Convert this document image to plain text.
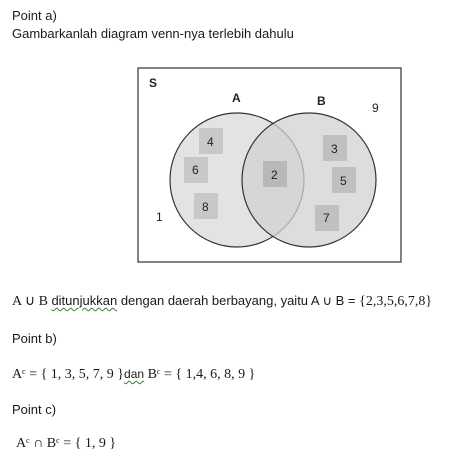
Point a)
Gambarkanlah diagram venn-nya terlebih dahulu
S
A	B
4
6
8
2
3
5
7
1
9
A ∪ B ditunjukkan dengan daerah berbayang, yaitu A ∪ B = {2,3,5,6,7,8}
Point b)
Aᶜ = { 1, 3, 5, 7, 9 }dan Bᶜ = { 1,4, 6, 8, 9 }
Point c)
Aᶜ ∩ Bᶜ = { 1, 9 }
